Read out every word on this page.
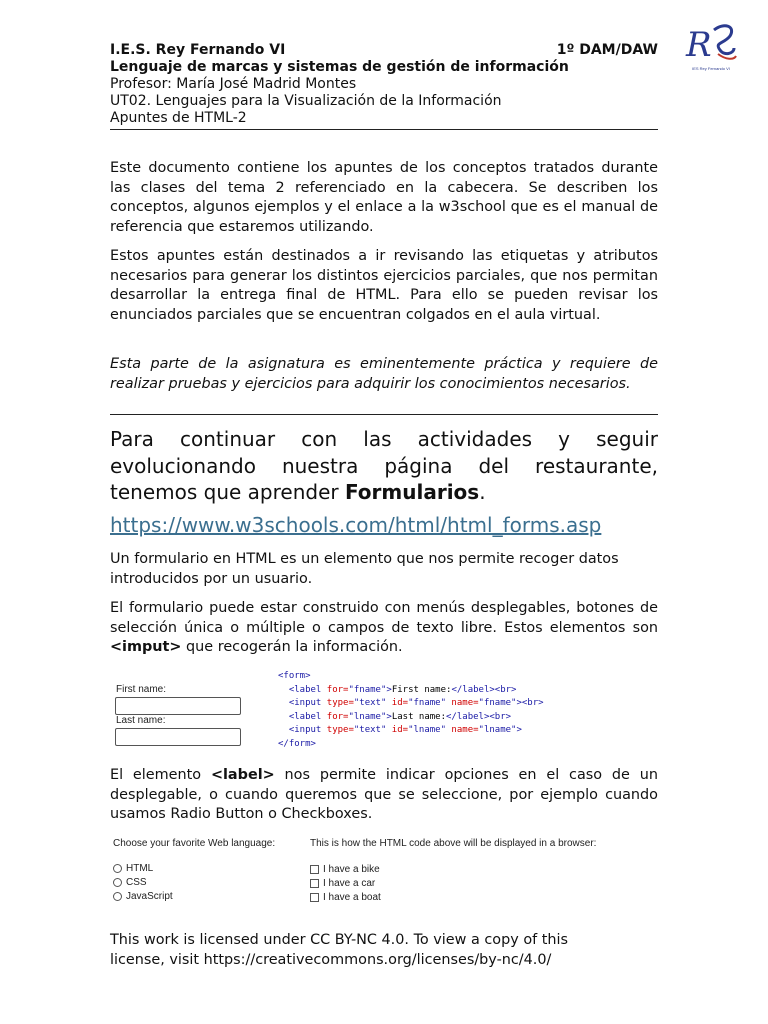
I.E.S. Rey Fernando VI	1º DAM/DAW
Lenguaje de marcas y sistemas de gestión de información
Profesor: María José Madrid Montes
UT02. Lenguajes para la Visualización de la Información
Apuntes de HTML-2
R
IES Rey Fernando VI
Este documento contiene los apuntes de los conceptos tratados durante las clases del tema 2 referenciado en la cabecera. Se describen los conceptos, algunos ejemplos y el enlace a la w3school que es el manual de referencia que estaremos utilizando.
Estos apuntes están destinados a ir revisando las etiquetas y atributos necesarios para generar los distintos ejercicios parciales, que nos permitan desarrollar la entrega final de HTML. Para ello se pueden revisar los enunciados parciales que se encuentran colgados en el aula virtual.
Esta parte de la asignatura es eminentemente práctica y requiere de realizar pruebas y ejercicios para adquirir los conocimientos necesarios.
Para continuar con las actividades y seguir evolucionando nuestra página del restaurante, tenemos que aprender Formularios.
https://www.w3schools.com/html/html_forms.asp
Un formulario en HTML es un elemento que nos permite recoger datos introducidos por un usuario.
El formulario puede estar construido con menús desplegables, botones de selección única o múltiple o campos de texto libre. Estos elementos son <imput> que recogerán la información.
First name:
Last name:
<form>
<label for="fname">First name:</label><br>
<input type="text" id="fname" name="fname"><br>
<label for="lname">Last name:</label><br>
<input type="text" id="lname" name="lname">
</form>
El elemento <label> nos permite indicar opciones en el caso de un desplegable, o cuando queremos que se seleccione, por ejemplo cuando usamos Radio Button o Checkboxes.
Choose your favorite Web language:
HTML
CSS
JavaScript
This is how the HTML code above will be displayed in a browser:
I have a bike
I have a car
I have a boat
This work is licensed under CC BY-NC 4.0. To view a copy of this license, visit https://creativecommons.org/licenses/by-nc/4.0/
